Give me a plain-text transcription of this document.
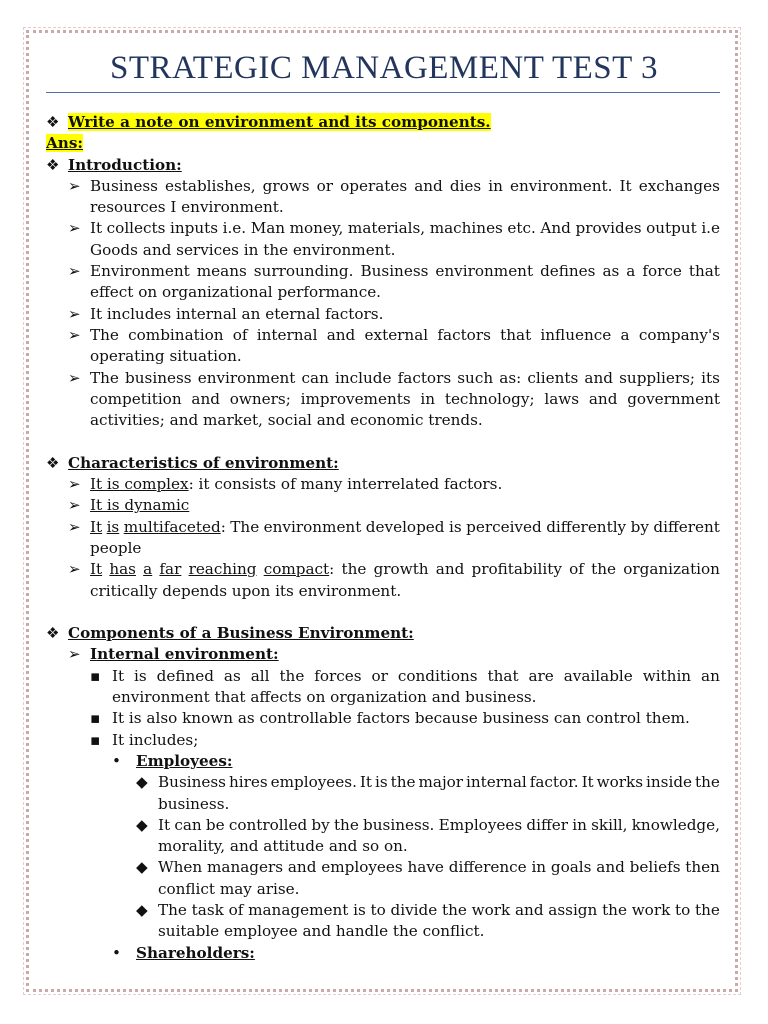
STRATEGIC MANAGEMENT TEST 3
❖ Write a note on environment and its components.
Ans:
❖ Introduction:
➢ Business establishes, grows or operates and dies in environment. It exchanges
resources I environment.
➢ It collects inputs i.e. Man money, materials, machines etc. And provides output i.e
Goods and services in the environment.
➢ Environment means surrounding. Business environment defines as a force that
effect on organizational performance.
➢ It includes internal an eternal factors.
➢ The combination of internal and external factors that influence a company's
operating situation.
➢ The business environment can include factors such as: clients and suppliers; its
competition and owners; improvements in technology; laws and government
activities; and market, social and economic trends.
❖ Characteristics of environment:
➢ It is complex: it consists of many interrelated factors.
➢ It is dynamic
➢ It is multifaceted: The environment developed is perceived differently by different
people
➢ It has a far reaching compact: the growth and profitability of the organization
critically depends upon its environment.
❖ Components of a Business Environment:
➢ Internal environment:
▪ It is defined as all the forces or conditions that are available within an
environment that affects on organization and business.
▪ It is also known as controllable factors because business can control them.
▪ It includes;
• Employees:
◆ Business hires employees. It is the major internal factor. It works inside the
business.
◆ It can be controlled by the business. Employees differ in skill, knowledge,
morality, and attitude and so on.
◆ When managers and employees have difference in goals and beliefs then
conflict may arise.
◆ The task of management is to divide the work and assign the work to the
suitable employee and handle the conflict.
• Shareholders:
